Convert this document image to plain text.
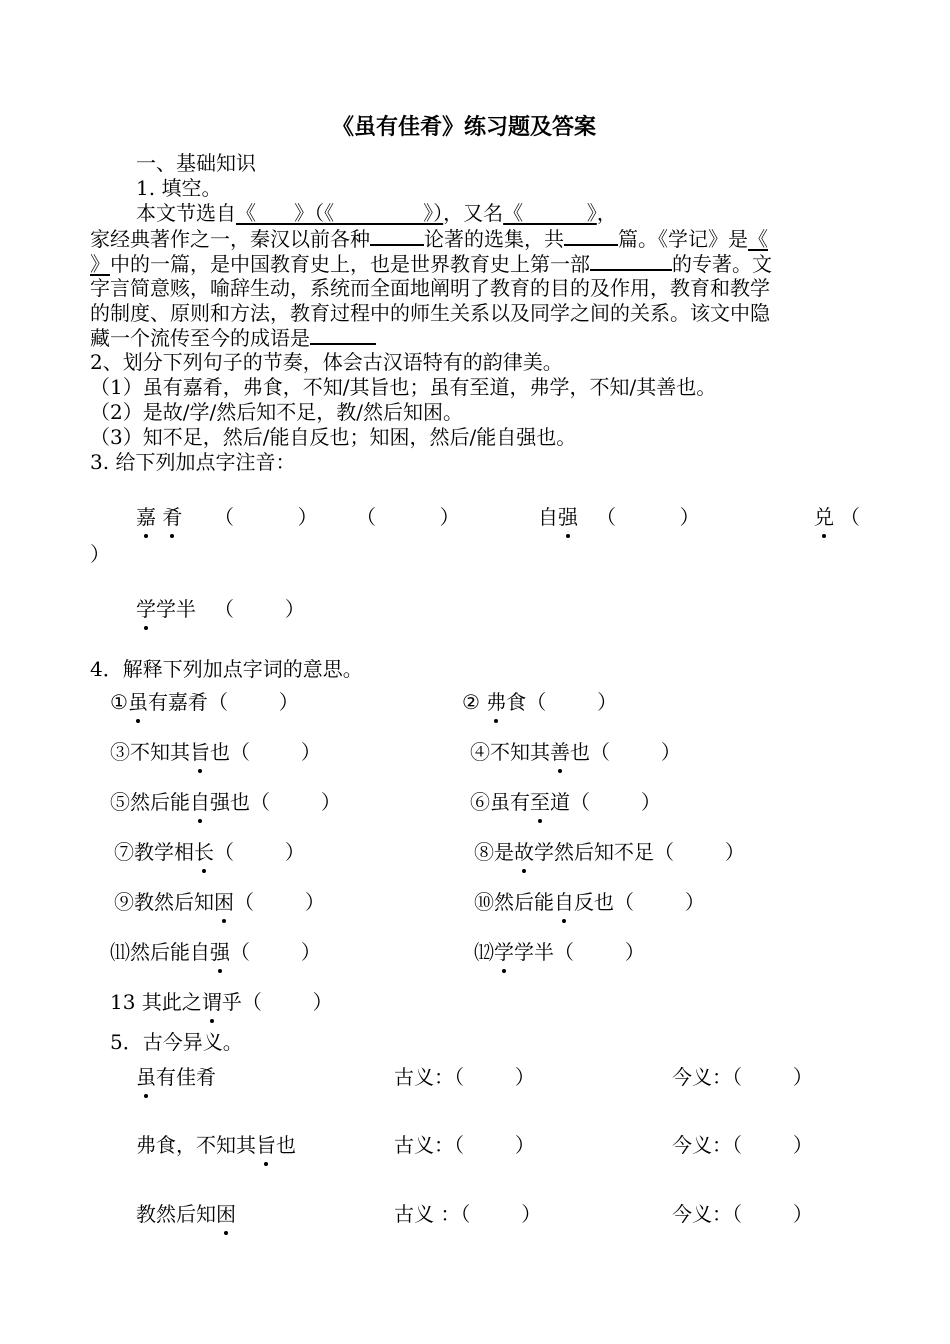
《虽有佳肴》练习题及答案
一、基础知识
1. 填空。
本文节选自《      》（《              》），又名《          》，
家经典著作之一，秦汉以前各种	论著的选集，共	篇。《学记》是《
》中的一篇，是中国教育史上，也是世界教育史上第一部	的专著。文
字言简意赅，喻辞生动，系统而全面地阐明了教育的目的及作用，教育和教学
的制度、原则和方法，教育过程中的师生关系以及同学之间的关系。该文中隐
藏一个流传至今的成语是
2、划分下列句子的节奏，体会古汉语特有的韵律美。
（1）虽有嘉肴，弗食，不知/其旨也；虽有至道，弗学，不知/其善也。
（2）是故/学/然后知不足，教/然后知困。
（3）知不足，然后/能自反也；知困，然后/能自强也。
3. 给下列加点字注音：
嘉 肴 （          ） （          ）	自强 （          ）	兑 （
）
学学半 （        ）
4．解释下列加点字词的意思。
①虽有嘉肴（        ）	② 弗食（        ）
③不知其旨也（        ）	④不知其善也（        ）
⑤然后能自强也（        ）	⑥虽有至道（        ）
⑦教学相长（        ）	⑧是故学然后知不足（        ）
⑨教然后知困（        ）	⑩然后能自反也（        ）
⑾然后能自强（        ）	⑿学学半（        ）
13 其此之谓乎（        ）
5．古今异义。
虽有佳肴	古义：（        ）	今义：（        ）
弗食，不知其旨也	古义：（        ）	今义：（        ）
教然后知困	古义 ：（        ）	今义：（        ）
